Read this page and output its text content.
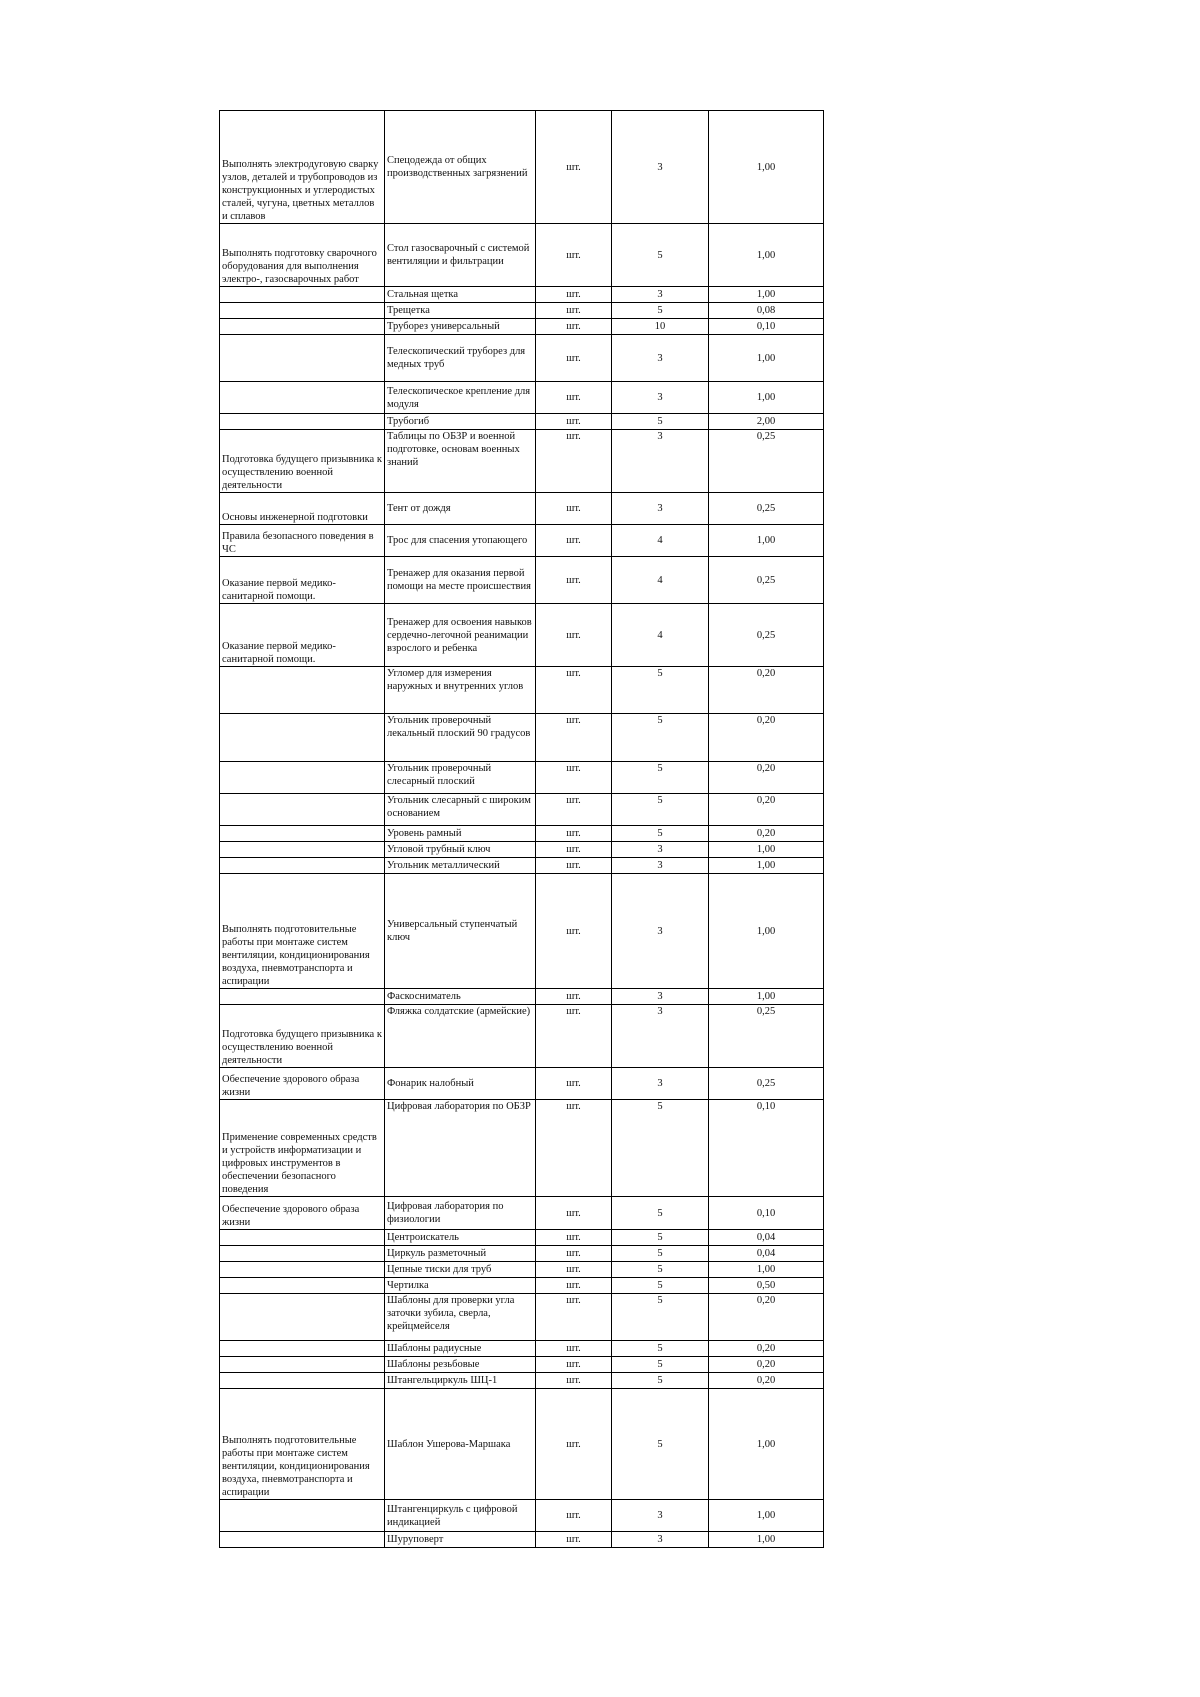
Выполнять электродуговую сварку узлов, деталей и трубопроводов из конструкционных и углеродистых сталей, чугуна, цветных металлов и сплавов	Спецодежда от общих производственных загрязнений	шт.	3	1,00
Выполнять подготовку сварочного оборудования для выполнения электро-, газосварочных работ	Стол газосварочный с системой вентиляции и фильтрации	шт.	5	1,00
	Стальная щетка	шт.	3	1,00
	Трещетка	шт.	5	0,08
	Труборез универсальный	шт.	10	0,10
	Телескопический труборез для медных труб	шт.	3	1,00
	Телескопическое крепление для модуля	шт.	3	1,00
	Трубогиб	шт.	5	2,00
Подготовка будущего призывника к осуществлению военной деятельности	Таблицы по ОБЗР и военной подготовке, основам военных знаний	шт.	3	0,25
Основы инженерной подготовки	Тент от дождя	шт.	3	0,25
Правила безопасного поведения в ЧС	Трос для спасения утопающего	шт.	4	1,00
Оказание первой медико-санитарной помощи.	Тренажер для оказания первой помощи на месте происшествия	шт.	4	0,25
Оказание первой медико-санитарной помощи.	Тренажер для освоения навыков сердечно-легочной реанимации взрослого и ребенка	шт.	4	0,25
	Угломер для измерения наружных и внутренних углов	шт.	5	0,20
	Угольник проверочный лекальный плоский 90 градусов	шт.	5	0,20
	Угольник проверочный слесарный плоский	шт.	5	0,20
	Угольник слесарный с широким основанием	шт.	5	0,20
	Уровень рамный	шт.	5	0,20
	Угловой трубный ключ	шт.	3	1,00
	Угольник металлический	шт.	3	1,00
Выполнять подготовительные работы при монтаже систем вентиляции, кондиционирования воздуха, пневмотранспорта и аспирации	Универсальный ступенчатый ключ	шт.	3	1,00
	Фаскосниматель	шт.	3	1,00
Подготовка будущего призывника к осуществлению военной деятельности	Фляжка солдатские (армейские)	шт.	3	0,25
Обеспечение здорового образа жизни	Фонарик налобный	шт.	3	0,25
Применение современных средств и устройств информатизации и цифровых инструментов в обеспечении безопасного поведения	Цифровая лаборатория по ОБЗР	шт.	5	0,10
Обеспечение здорового образа жизни	Цифровая лаборатория по физиологии	шт.	5	0,10
	Центроискатель	шт.	5	0,04
	Циркуль разметочный	шт.	5	0,04
	Цепные тиски для труб	шт.	5	1,00
	Чертилка	шт.	5	0,50
	Шаблоны для проверки угла заточки зубила, сверла, крейцмейселя	шт.	5	0,20
	Шаблоны радиусные	шт.	5	0,20
	Шаблоны резьбовые	шт.	5	0,20
	Штангельциркуль ШЦ-1	шт.	5	0,20
Выполнять подготовительные работы при монтаже систем вентиляции, кондиционирования воздуха, пневмотранспорта и аспирации	Шаблон Ушерова-Маршака	шт.	5	1,00
	Штангенциркуль с цифровой индикацией	шт.	3	1,00
	Шуруповерт	шт.	3	1,00
